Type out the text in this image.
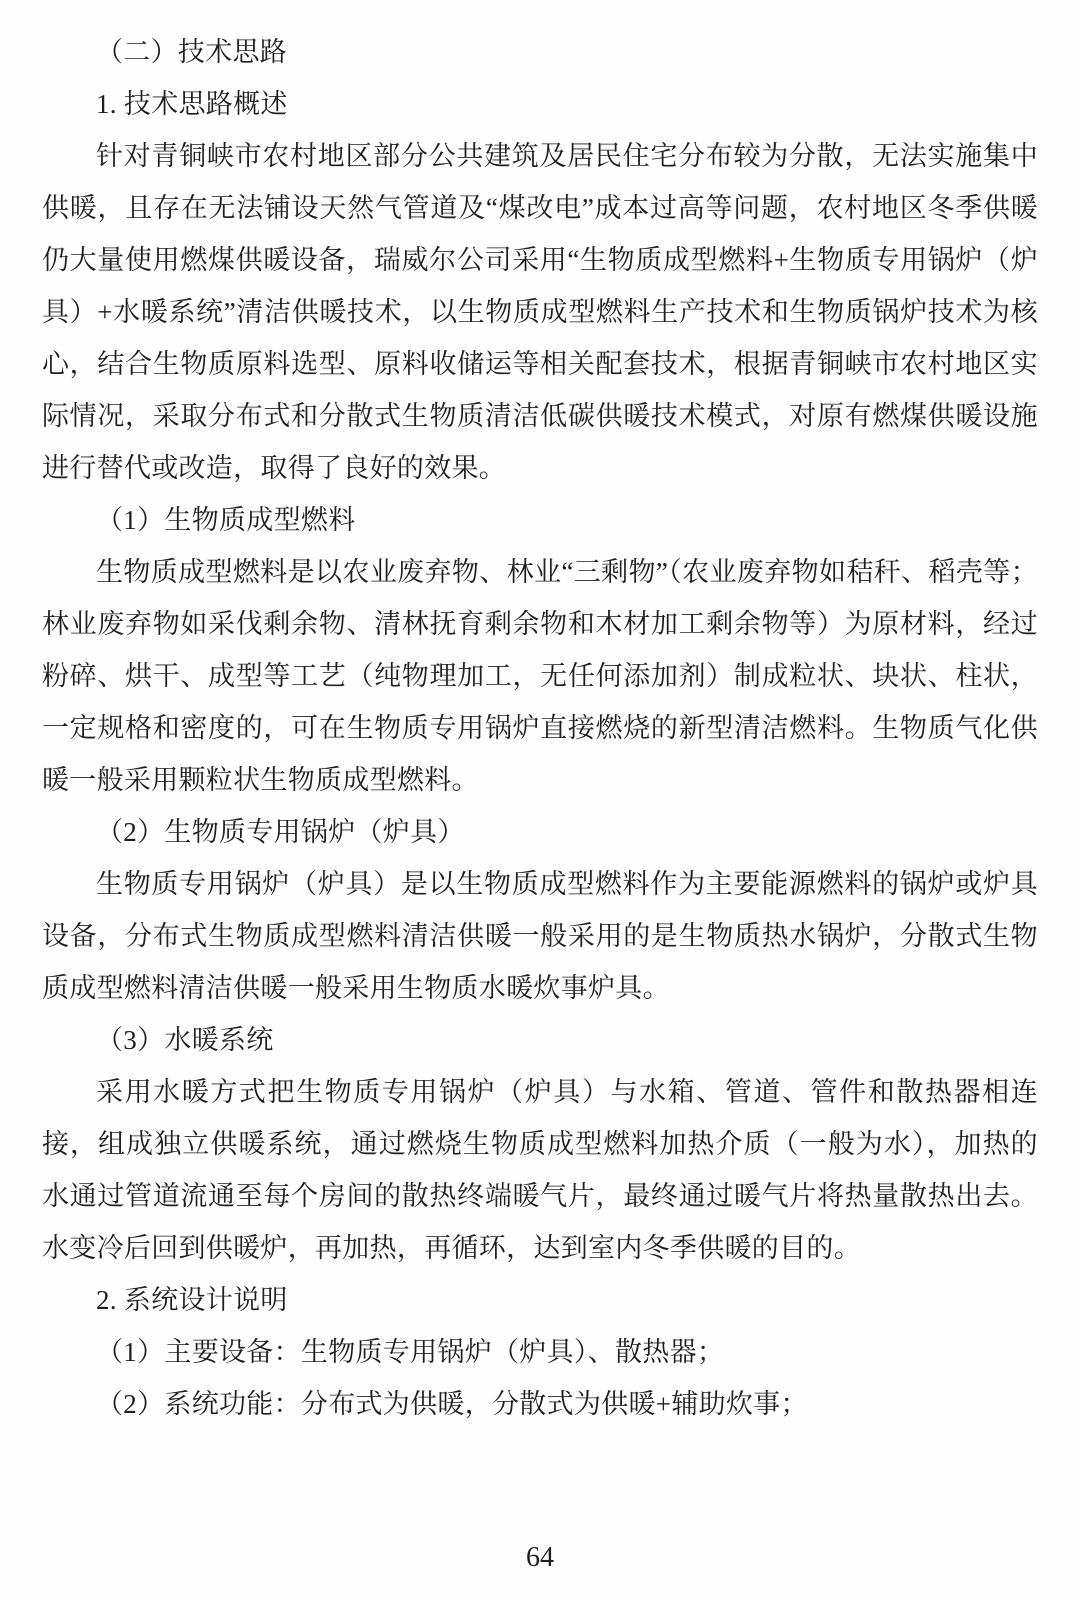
（二）技术思路
1. 技术思路概述
针对青铜峡市农村地区部分公共建筑及居民住宅分布较为分散，无法实施集中供暖，且存在无法铺设天然气管道及“煤改电”成本过高等问题，农村地区冬季供暖仍大量使用燃煤供暖设备，瑞威尔公司采用“生物质成型燃料+生物质专用锅炉（炉具）+水暖系统”清洁供暖技术，以生物质成型燃料生产技术和生物质锅炉技术为核心，结合生物质原料选型、原料收储运等相关配套技术，根据青铜峡市农村地区实际情况，采取分布式和分散式生物质清洁低碳供暖技术模式，对原有燃煤供暖设施进行替代或改造，取得了良好的效果。
（1）生物质成型燃料
生物质成型燃料是以农业废弃物、林业“三剩物”（农业废弃物如秸秆、稻壳等；林业废弃物如采伐剩余物、清林抚育剩余物和木材加工剩余物等）为原材料，经过粉碎、烘干、成型等工艺（纯物理加工，无任何添加剂）制成粒状、块状、柱状，一定规格和密度的，可在生物质专用锅炉直接燃烧的新型清洁燃料。生物质气化供暖一般采用颗粒状生物质成型燃料。
（2）生物质专用锅炉（炉具）
生物质专用锅炉（炉具）是以生物质成型燃料作为主要能源燃料的锅炉或炉具设备，分布式生物质成型燃料清洁供暖一般采用的是生物质热水锅炉，分散式生物质成型燃料清洁供暖一般采用生物质水暖炊事炉具。
（3）水暖系统
采用水暖方式把生物质专用锅炉（炉具）与水箱、管道、管件和散热器相连接，组成独立供暖系统，通过燃烧生物质成型燃料加热介质（一般为水），加热的水通过管道流通至每个房间的散热终端暖气片，最终通过暖气片将热量散热出去。水变冷后回到供暖炉，再加热，再循环，达到室内冬季供暖的目的。
2. 系统设计说明
（1）主要设备：生物质专用锅炉（炉具）、散热器；
（2）系统功能：分布式为供暖，分散式为供暖+辅助炊事；
64
